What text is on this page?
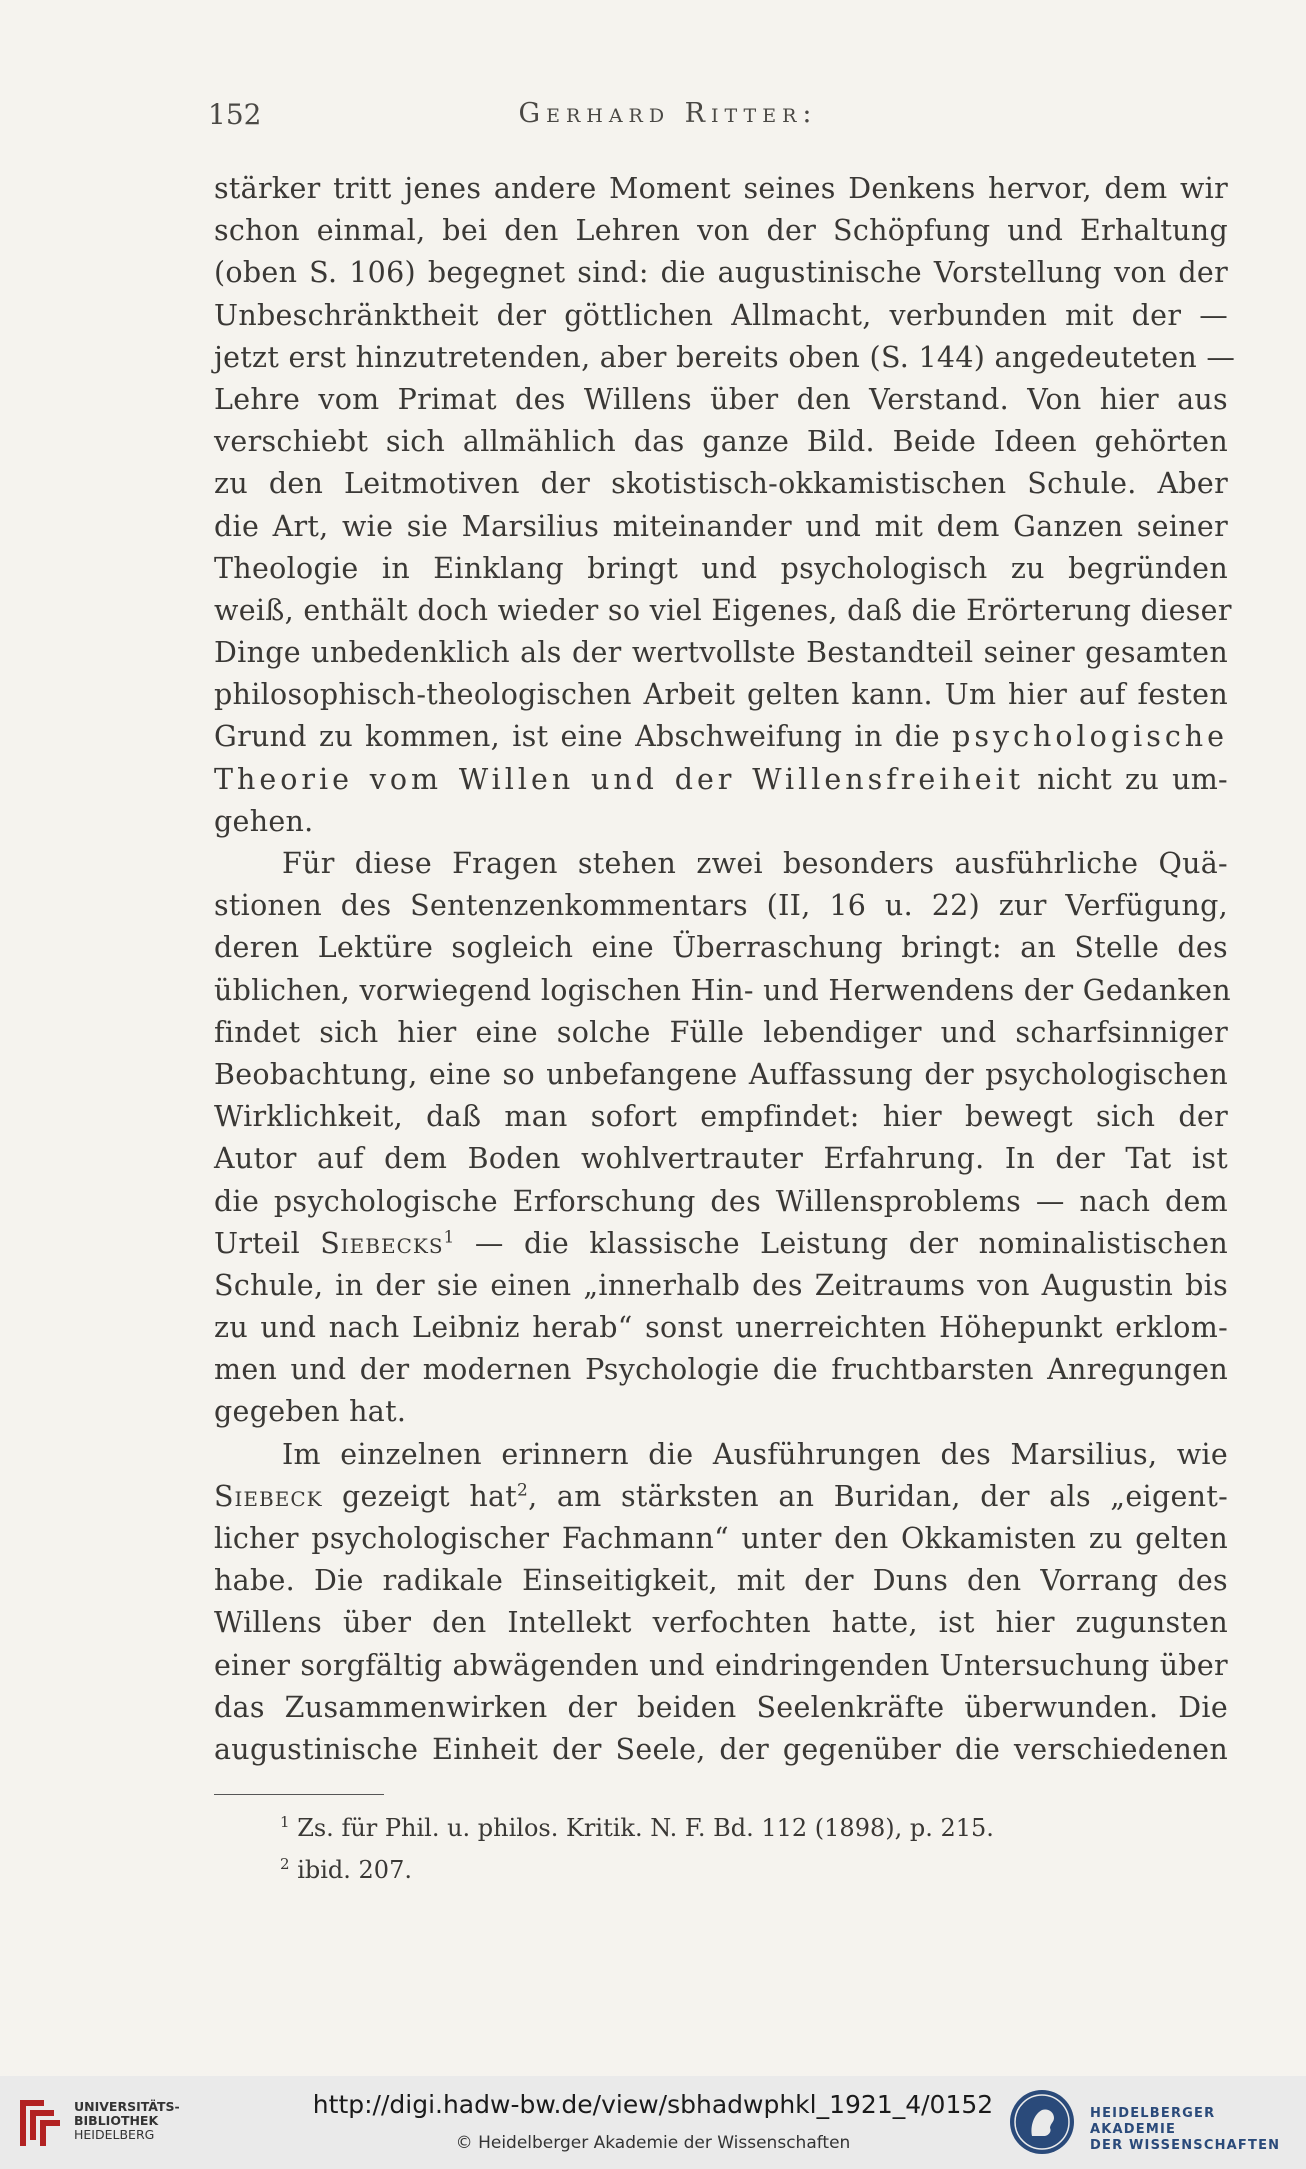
152	Gerhard Ritter:
stärker tritt jenes andere Moment seines Denkens hervor, dem wir
schon einmal, bei den Lehren von der Schöpfung und Erhaltung
(oben S. 106) begegnet sind: die augustinische Vorstellung von der
Unbeschränktheit der göttlichen Allmacht, verbunden mit der —
jetzt erst hinzutretenden, aber bereits oben (S. 144) angedeuteten —
Lehre vom Primat des Willens über den Verstand. Von hier aus
verschiebt sich allmählich das ganze Bild. Beide Ideen gehörten
zu den Leitmotiven der skotistisch-okkamistischen Schule. Aber
die Art, wie sie Marsilius miteinander und mit dem Ganzen seiner
Theologie in Einklang bringt und psychologisch zu begründen
weiß, enthält doch wieder so viel Eigenes, daß die Erörterung dieser
Dinge unbedenklich als der wertvollste Bestandteil seiner gesamten
philosophisch-theologischen Arbeit gelten kann. Um hier auf festen
Grund zu kommen, ist eine Abschweifung in die psychologische
Theorie vom Willen und der Willensfreiheit nicht zu um-
gehen.
Für diese Fragen stehen zwei besonders ausführliche Quä-
stionen des Sentenzenkommentars (II, 16 u. 22) zur Verfügung,
deren Lektüre sogleich eine Überraschung bringt: an Stelle des
üblichen, vorwiegend logischen Hin- und Herwendens der Gedanken
findet sich hier eine solche Fülle lebendiger und scharfsinniger
Beobachtung, eine so unbefangene Auffassung der psychologischen
Wirklichkeit, daß man sofort empfindet: hier bewegt sich der
Autor auf dem Boden wohlvertrauter Erfahrung. In der Tat ist
die psychologische Erforschung des Willensproblems — nach dem
Urteil Siebecks$^1$ — die klassische Leistung der nominalistischen
Schule, in der sie einen „innerhalb des Zeitraums von Augustin bis
zu und nach Leibniz herab“ sonst unerreichten Höhepunkt erklom-
men und der modernen Psychologie die fruchtbarsten Anregungen
gegeben hat.
Im einzelnen erinnern die Ausführungen des Marsilius, wie
Siebeck gezeigt hat$^2$, am stärksten an Buridan, der als „eigent-
licher psychologischer Fachmann“ unter den Okkamisten zu gelten
habe. Die radikale Einseitigkeit, mit der Duns den Vorrang des
Willens über den Intellekt verfochten hatte, ist hier zugunsten
einer sorgfältig abwägenden und eindringenden Untersuchung über
das Zusammenwirken der beiden Seelenkräfte überwunden. Die
augustinische Einheit der Seele, der gegenüber die verschiedenen
$^1$ Zs. für Phil. u. philos. Kritik. N. F. Bd. 112 (1898), p. 215.
$^2$ ibid. 207.
UNIVERSITÄTS-
BIBLIOTHEK
HEIDELBERG
http://digi.hadw-bw.de/view/sbhadwphkl_1921_4/0152
© Heidelberger Akademie der Wissenschaften
HEIDELBERGER AKADEMIE
DER WISSENSCHAFTEN
